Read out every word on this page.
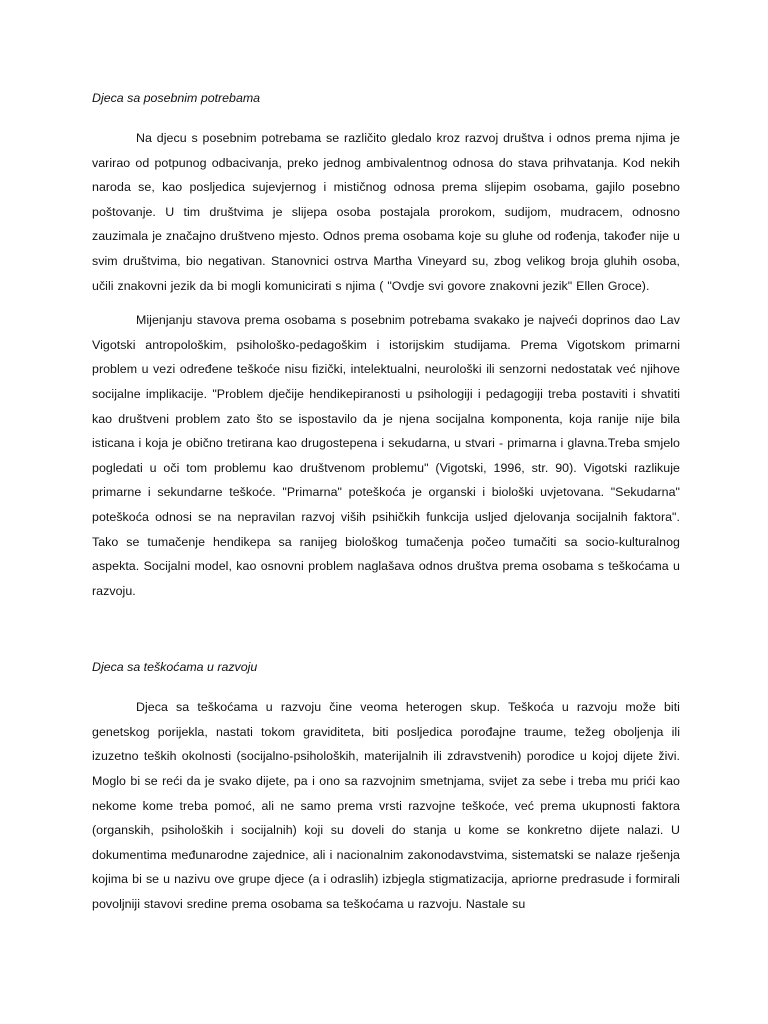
Djeca sa posebnim potrebama

Na djecu s posebnim potrebama se različito gledalo kroz razvoj društva i odnos prema njima je varirao od potpunog odbacivanja, preko jednog ambivalentnog odnosa do stava prihvatanja. Kod nekih naroda se, kao posljedica sujevjernog i mističnog odnosa prema slijepim osobama, gajilo posebno poštovanje. U tim društvima je slijepa osoba postajala prorokom, sudijom, mudracem, odnosno zauzimala je značajno društveno mjesto. Odnos prema osobama koje su gluhe od rođenja, također nije u svim društvima, bio negativan. Stanovnici ostrva Martha Vineyard su, zbog velikog broja gluhih osoba, učili znakovni jezik da bi mogli komunicirati s njima ( "Ovdje svi govore znakovni jezik" Ellen Groce).

Mijenjanju stavova prema osobama s posebnim potrebama svakako je najveći doprinos dao Lav Vigotski antropološkim, psihološko-pedagoškim i istorijskim studijama. Prema Vigotskom primarni problem u vezi određene teškoće nisu fizički, intelektualni, neurološki ili senzorni nedostatak već njihove socijalne implikacije. "Problem dječije hendikepiranosti u psihologiji i pedagogiji treba postaviti i shvatiti kao društveni problem zato što se ispostavilo da je njena socijalna komponenta, koja ranije nije bila isticana i koja je obično tretirana kao drugostepena i sekudarna, u stvari - primarna i glavna.Treba smjelo pogledati u oči tom problemu kao društvenom problemu" (Vigotski, 1996, str. 90). Vigotski razlikuje primarne i sekundarne teškoće. "Primarna" poteškoća je organski i biološki uvjetovana. "Sekudarna" poteškoća odnosi se na nepravilan razvoj viših psihičkih funkcija usljed djelovanja socijalnih faktora". Tako se tumačenje hendikepa sa ranijeg biološkog tumačenja počeo tumačiti sa socio-kulturalnog aspekta. Socijalni model, kao osnovni problem naglašava odnos društva prema osobama s teškoćama u razvoju.

Djeca sa teškoćama u razvoju

Djeca sa teškoćama u razvoju čine veoma heterogen skup. Teškoća u razvoju može biti genetskog porijekla, nastati tokom graviditeta, biti posljedica porođajne traume, težeg oboljenja ili izuzetno teških okolnosti (socijalno-psiholoških, materijalnih ili zdravstvenih) porodice u kojoj dijete živi. Moglo bi se reći da je svako dijete, pa i ono sa razvojnim smetnjama, svijet za sebe i treba mu prići kao nekome kome treba pomoć, ali ne samo prema vrsti razvojne teškoće, već prema ukupnosti faktora (organskih, psiholoških i socijalnih) koji su doveli do stanja u kome se konkretno dijete nalazi. U dokumentima međunarodne zajednice, ali i nacionalnim zakonodavstvima, sistematski se nalaze rješenja kojima bi se u nazivu ove grupe djece (a i odraslih) izbjegla stigmatizacija, apriorne predrasude i formirali povoljniji stavovi sredine prema osobama sa teškoćama u razvoju. Nastale su
